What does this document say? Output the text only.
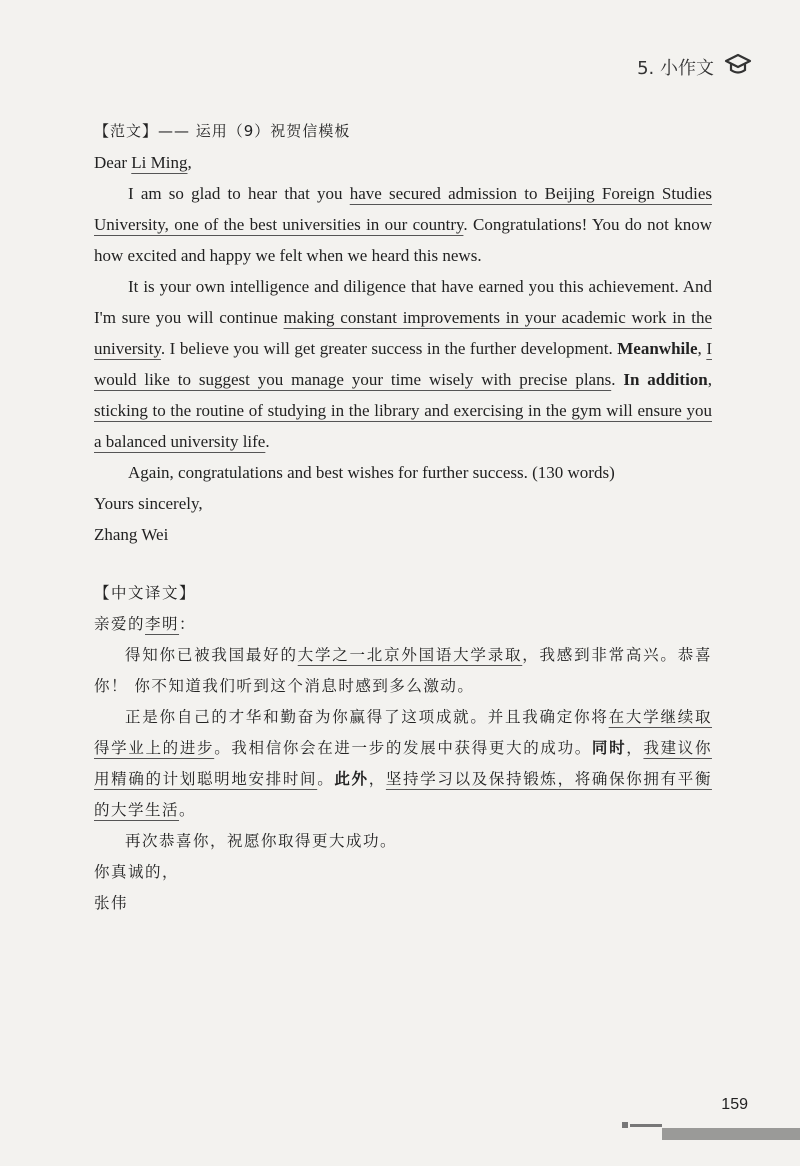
5. 小作文

【范文】—— 运用（9）祝贺信模板

Dear Li Ming,

I am so glad to hear that you have secured admission to Beijing Foreign Studies University, one of the best universities in our country. Congratulations! You do not know how excited and happy we felt when we heard this news.

It is your own intelligence and diligence that have earned you this achievement. And I'm sure you will continue making constant improvements in your academic work in the university. I believe you will get greater success in the further development. Meanwhile, I would like to suggest you manage your time wisely with precise plans. In addition, sticking to the routine of studying in the library and exercising in the gym will ensure you a balanced university life.

Again, congratulations and best wishes for further success. (130 words)

Yours sincerely,

Zhang Wei

【中文译文】

亲爱的李明：

得知你已被我国最好的大学之一北京外国语大学录取，我感到非常高兴。恭喜你！ 你不知道我们听到这个消息时感到多么激动。

正是你自己的才华和勤奋为你赢得了这项成就。并且我确定你将在大学继续取得学业上的进步。我相信你会在进一步的发展中获得更大的成功。同时，我建议你用精确的计划聪明地安排时间。此外，坚持学习以及保持锻炼，将确保你拥有平衡的大学生活。

再次恭喜你，祝愿你取得更大成功。

你真诚的，

张伟

159
